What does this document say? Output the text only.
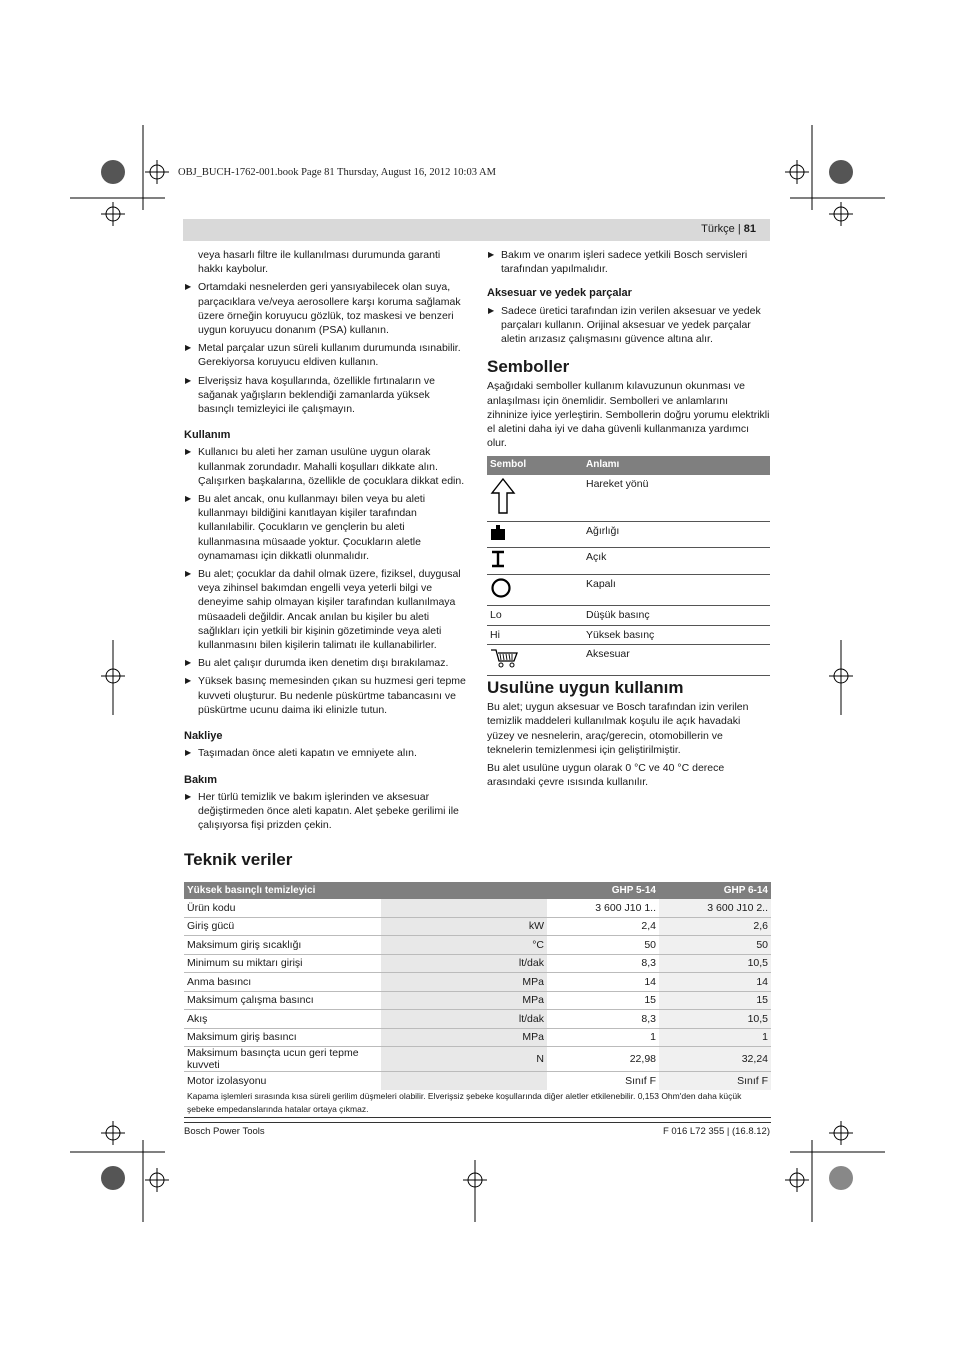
OBJ_BUCH-1762-001.book Page 81 Thursday, August 16, 2012 10:03 AM
Türkçe | 81
veya hasarlı filtre ile kullanılması durumunda garanti hakkı kaybolur.
▶ Ortamdaki nesnelerden geri yansıyabilecek olan suya, parçacıklara ve/veya aerosollere karşı koruma sağlamak üzere örneğin koruyucu gözlük, toz maskesi ve benzeri uygun koruyucu donanım (PSA) kullanın.
▶ Metal parçalar uzun süreli kullanım durumunda ısınabilir. Gerekiyorsa koruyucu eldiven kullanın.
▶ Elverişsiz hava koşullarında, özellikle fırtınaların ve sağanak yağışların beklendiği zamanlarda yüksek basınçlı temizleyici ile çalışmayın.
Kullanım
▶ Kullanıcı bu aleti her zaman usulüne uygun olarak kullanmak zorundadır. Mahalli koşulları dikkate alın. Çalışırken başkalarına, özellikle de çocuklara dikkat edin.
▶ Bu alet ancak, onu kullanmayı bilen veya bu aleti kullanmayı bildiğini kanıtlayan kişiler tarafından kullanılabilir. Çocukların ve gençlerin bu aleti kullanmasına müsaade yoktur. Çocukların aletle oynamaması için dikkatli olunmalıdır.
▶ Bu alet; çocuklar da dahil olmak üzere, fiziksel, duygusal veya zihinsel bakımdan engelli veya yeterli bilgi ve deneyime sahip olmayan kişiler tarafından kullanılmaya müsaadeli değildir. Ancak anılan bu kişiler bu aleti sağlıkları için yetkili bir kişinin gözetiminde veya aleti kullanmasını bilen kişilerin talimatı ile kullanabilirler.
▶ Bu alet çalışır durumda iken denetim dışı bırakılamaz.
▶ Yüksek basınç memesinden çıkan su huzmesi geri tepme kuvveti oluşturur. Bu nedenle püskürtme tabancasını ve püskürtme ucunu daima iki elinizle tutun.
Nakliye
▶ Taşımadan önce aleti kapatın ve emniyete alın.
Bakım
▶ Her türlü temizlik ve bakım işlerinden ve aksesuar değiştirmeden önce aleti kapatın. Alet şebeke gerilimi ile çalışıyorsa fişi prizden çekin.
▶ Bakım ve onarım işleri sadece yetkili Bosch servisleri tarafından yapılmalıdır.
Aksesuar ve yedek parçalar
▶ Sadece üretici tarafından izin verilen aksesuar ve yedek parçaları kullanın. Orijinal aksesuar ve yedek parçalar aletin arızasız çalışmasını güvence altına alır.
Semboller

Aşağıdaki semboller kullanım kılavuzunun okunması ve anlaşılması için önemlidir. Sembolleri ve anlamlarını zihninize iyice yerleştirin. Sembollerin doğru yorumu elektrikli el aletini daha iyi ve daha güvenli kullanmanıza yardımcı olur.

Sembol	Anlamı
	Hareket yönü
	Ağırlığı
	Açık
	Kapalı
Lo	Düşük basınç
Hi	Yüksek basınç
	Aksesuar
Usulüne uygun kullanım

Bu alet; uygun aksesuar ve Bosch tarafından izin verilen temizlik maddeleri kullanılmak koşulu ile açık havadaki yüzey ve nesnelerin, araç/gerecin, otomobillerin ve teknelerin temizlenmesi için geliştirilmiştir.

Bu alet usulüne uygun olarak 0 °C ve 40 °C derece arasındaki çevre ısısında kullanılır.

Teknik veriler
Yüksek basınçlı temizleyici		GHP 5-14	GHP 6-14
Ürün kodu		3 600 J10 1..	3 600 J10 2..
Giriş gücü	kW	2,4	2,6
Maksimum giriş sıcaklığı	°C	50	50
Minimum su miktarı girişi	lt/dak	8,3	10,5
Anma basıncı	MPa	14	14
Maksimum çalışma basıncı	MPa	15	15
Akış	lt/dak	8,3	10,5
Maksimum giriş basıncı	MPa	1	1
Maksimum basınçta ucun geri tepme kuvveti	N	22,98	32,24
Motor izolasyonu		Sınıf F	Sınıf F
Kapama işlemleri sırasında kısa süreli gerilim düşmeleri olabilir. Elverişsiz şebeke koşullarında diğer aletler etkilenebilir. 0,153 Ohm'den daha küçük şebeke empedanslarında hatalar ortaya çıkmaz.
Bosch Power Tools	F 016 L72 355 | (16.8.12)
